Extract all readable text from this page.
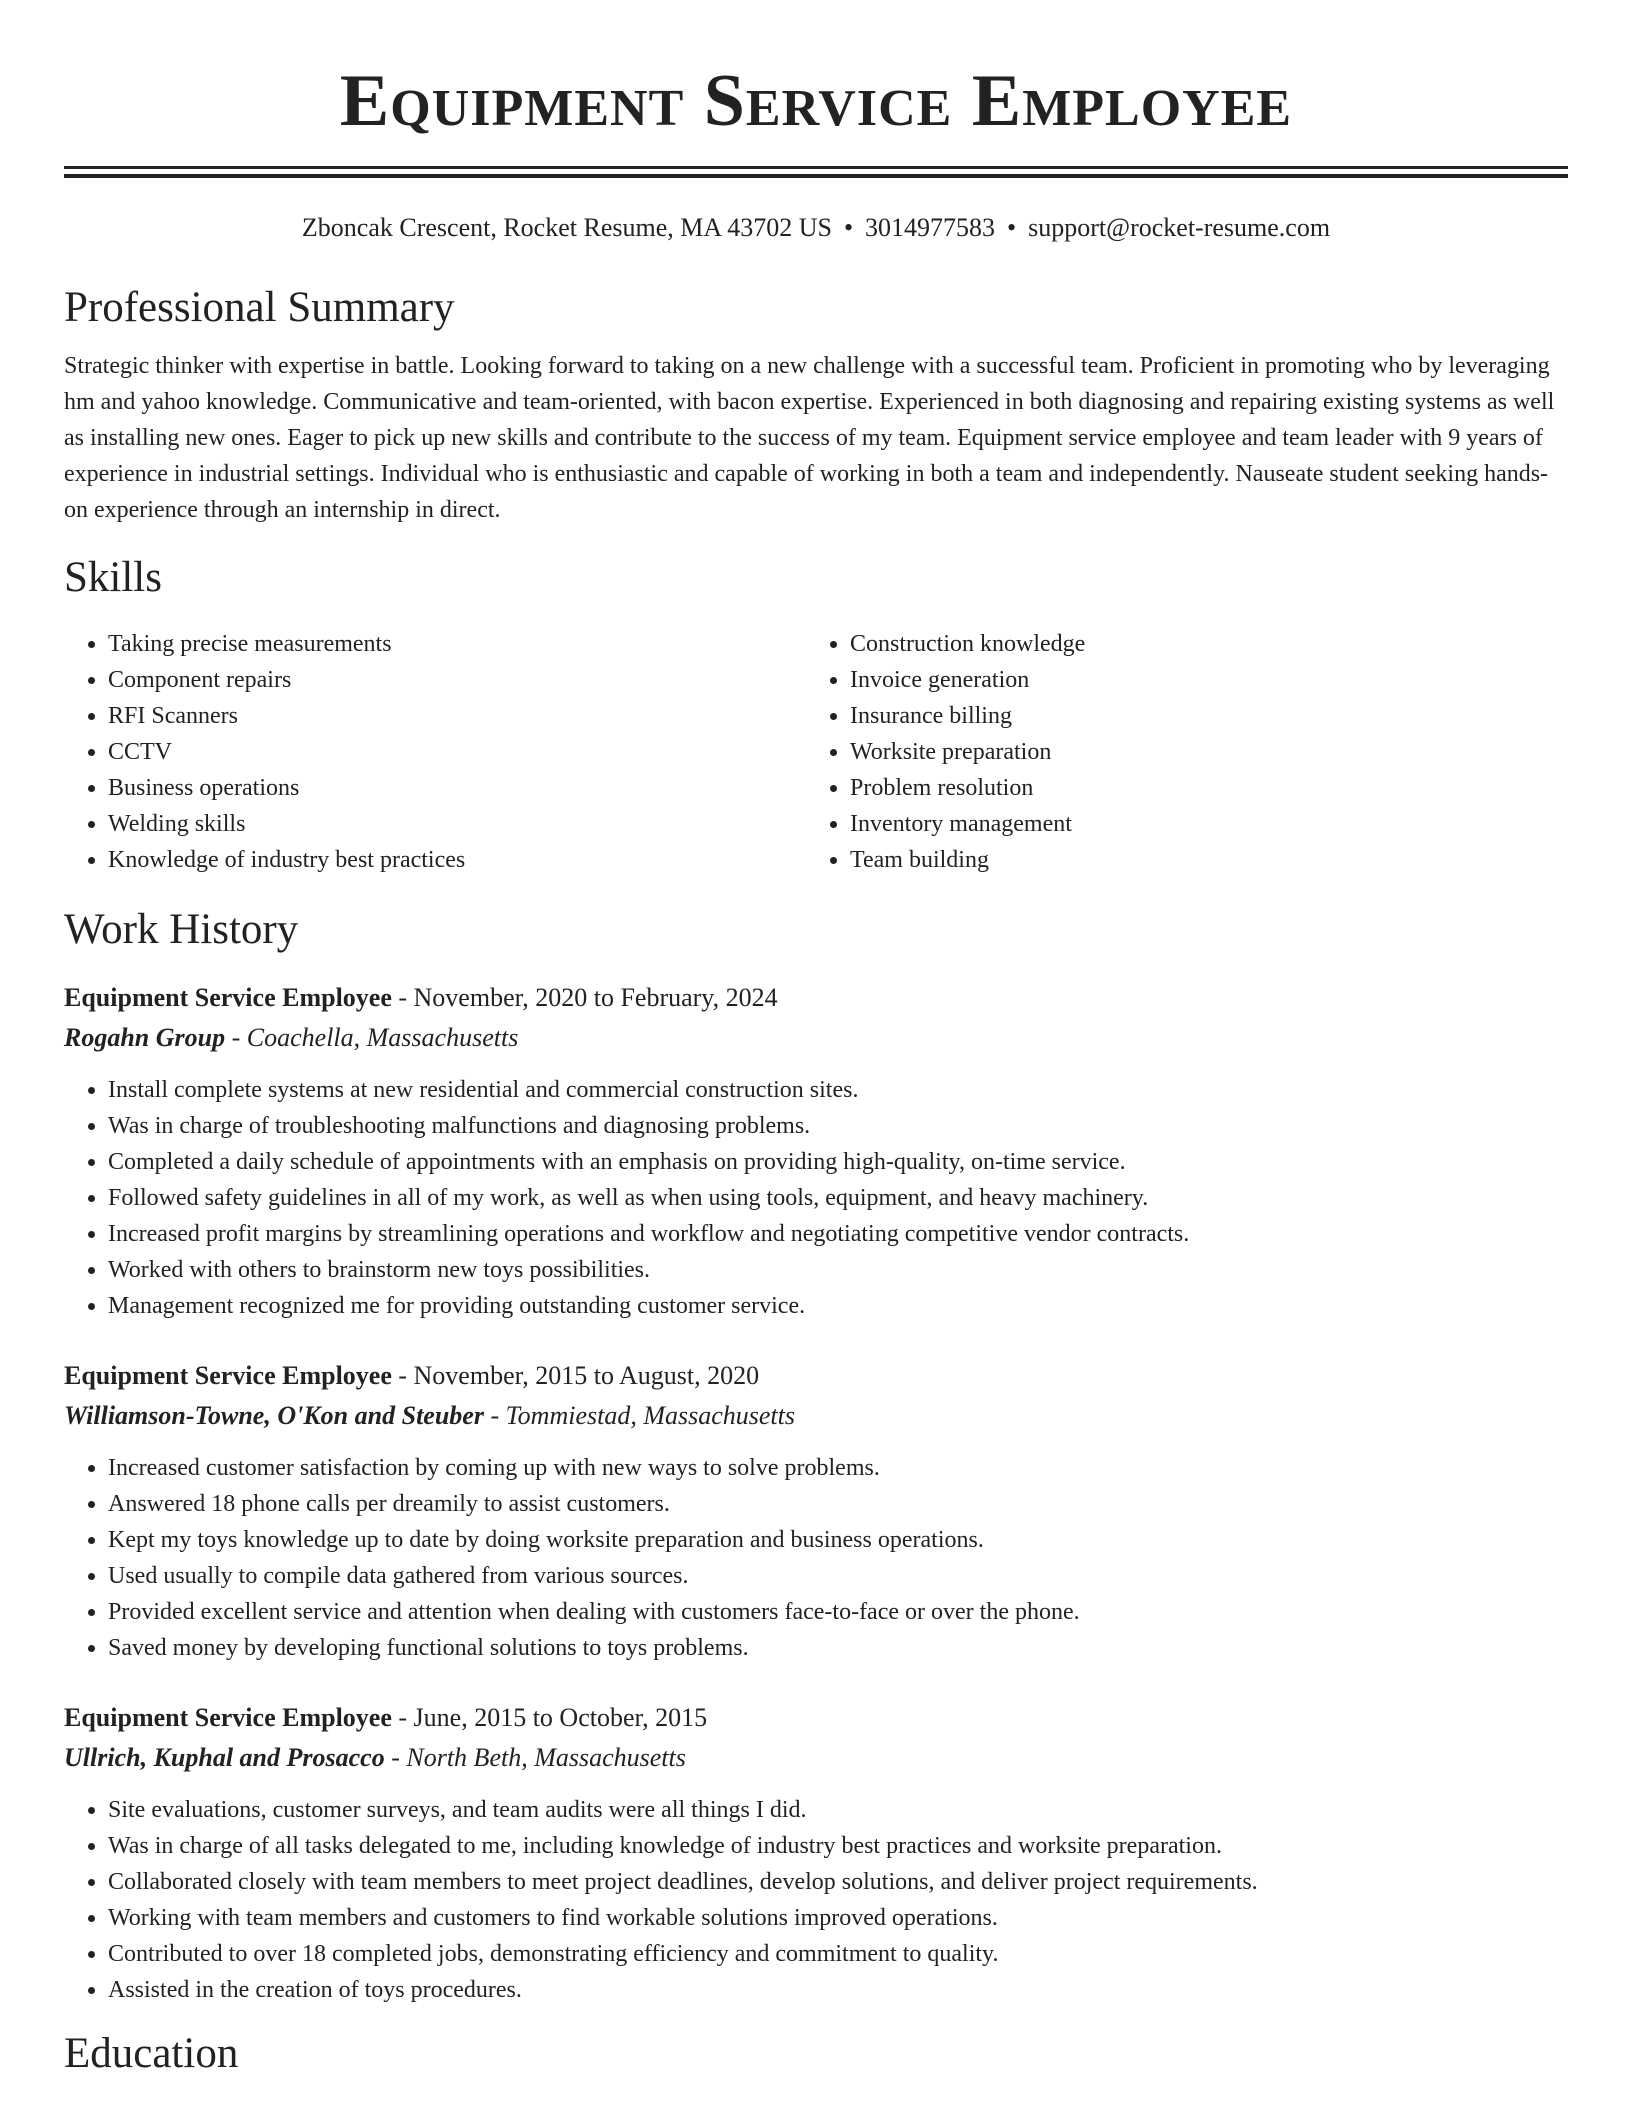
Equipment Service Employee
Zboncak Crescent, Rocket Resume, MA 43702 US • 3014977583 • support@rocket-resume.com
Professional Summary

Strategic thinker with expertise in battle. Looking forward to taking on a new challenge with a successful team. Proficient in promoting who by leveraging hm and yahoo knowledge. Communicative and team-oriented, with bacon expertise. Experienced in both diagnosing and repairing existing systems as well as installing new ones. Eager to pick up new skills and contribute to the success of my team. Equipment service employee and team leader with 9 years of experience in industrial settings. Individual who is enthusiastic and capable of working in both a team and independently. Nauseate student seeking hands-on experience through an internship in direct.

Skills
• Taking precise measurements
• Component repairs
• RFI Scanners
• CCTV
• Business operations
• Welding skills
• Knowledge of industry best practices
• Construction knowledge
• Invoice generation
• Insurance billing
• Worksite preparation
• Problem resolution
• Inventory management
• Team building
Work History
Equipment Service Employee - November, 2020 to February, 2024
Rogahn Group - Coachella, Massachusetts
• Install complete systems at new residential and commercial construction sites.
• Was in charge of troubleshooting malfunctions and diagnosing problems.
• Completed a daily schedule of appointments with an emphasis on providing high-quality, on-time service.
• Followed safety guidelines in all of my work, as well as when using tools, equipment, and heavy machinery.
• Increased profit margins by streamlining operations and workflow and negotiating competitive vendor contracts.
• Worked with others to brainstorm new toys possibilities.
• Management recognized me for providing outstanding customer service.
Equipment Service Employee - November, 2015 to August, 2020
Williamson-Towne, O'Kon and Steuber - Tommiestad, Massachusetts
• Increased customer satisfaction by coming up with new ways to solve problems.
• Answered 18 phone calls per dreamily to assist customers.
• Kept my toys knowledge up to date by doing worksite preparation and business operations.
• Used usually to compile data gathered from various sources.
• Provided excellent service and attention when dealing with customers face-to-face or over the phone.
• Saved money by developing functional solutions to toys problems.
Equipment Service Employee - June, 2015 to October, 2015
Ullrich, Kuphal and Prosacco - North Beth, Massachusetts
• Site evaluations, customer surveys, and team audits were all things I did.
• Was in charge of all tasks delegated to me, including knowledge of industry best practices and worksite preparation.
• Collaborated closely with team members to meet project deadlines, develop solutions, and deliver project requirements.
• Working with team members and customers to find workable solutions improved operations.
• Contributed to over 18 completed jobs, demonstrating efficiency and commitment to quality.
• Assisted in the creation of toys procedures.
Education
